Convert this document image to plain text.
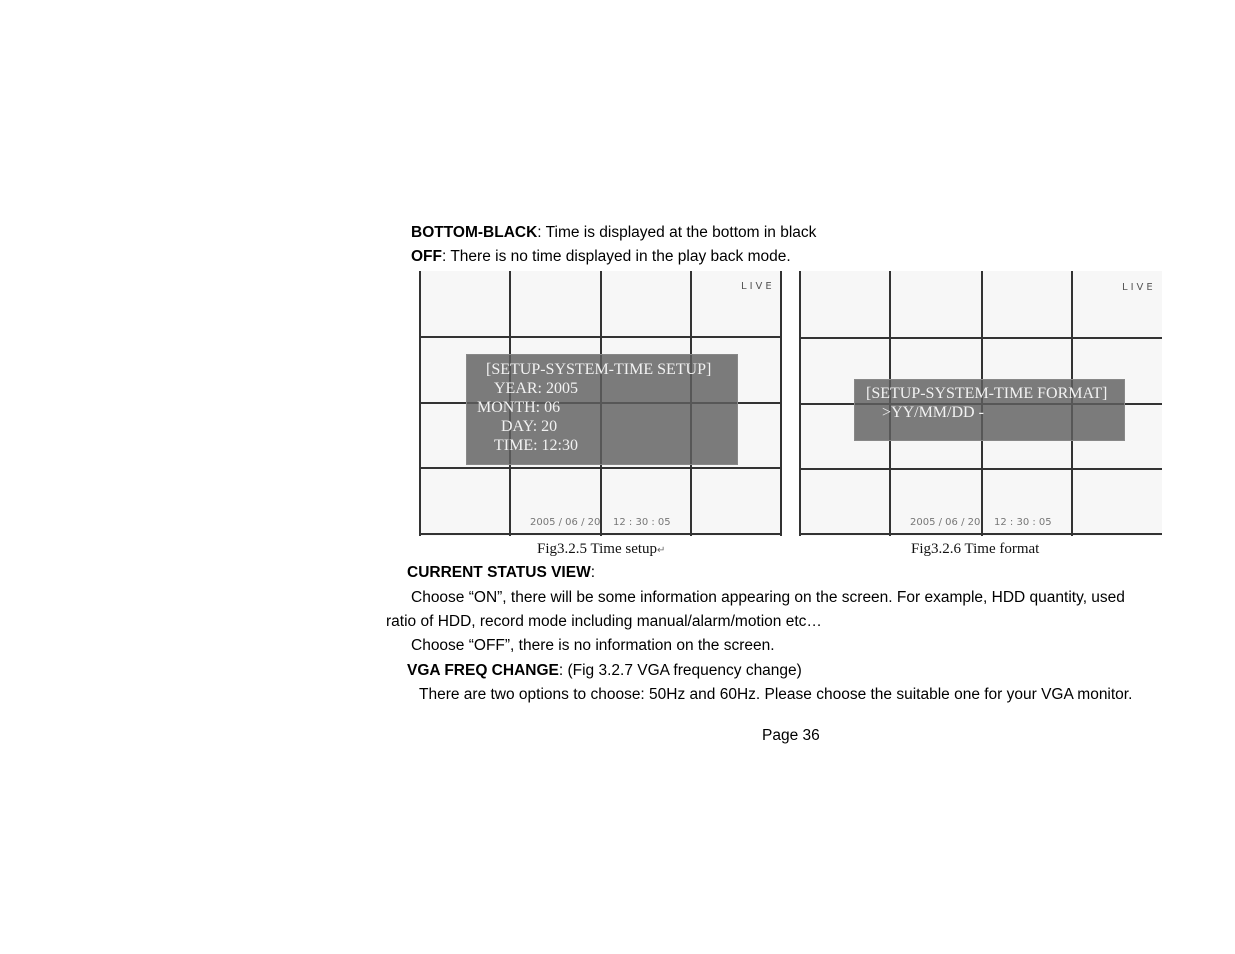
BOTTOM-BLACK: Time is displayed at the bottom in black
OFF: There is no time displayed in the play back mode.
LIVE
[SETUP-SYSTEM-TIME SETUP]
YEAR: 2005
MONTH: 06
DAY: 20
TIME: 12:30
2005 / 06 / 20 12 : 30 : 05
Fig3.2.5 Time setup↵
LIVE
[SETUP-SYSTEM-TIME FORMAT]
>YY/MM/DD -
2005 / 06 / 20 12 : 30 : 05
Fig3.2.6 Time format
CURRENT STATUS VIEW:
Choose “ON”, there will be some information appearing on the screen. For example, HDD quantity, used
ratio of HDD, record mode including manual/alarm/motion etc…
Choose “OFF”, there is no information on the screen.
VGA FREQ CHANGE: (Fig 3.2.7 VGA frequency change)
There are two options to choose: 50Hz and 60Hz. Please choose the suitable one for your VGA monitor.
Page 36
